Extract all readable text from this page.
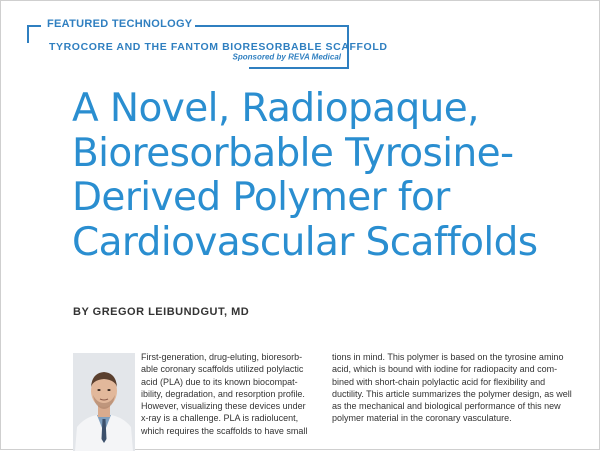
FEATURED TECHNOLOGY
TYROCORE AND THE FANTOM BIORESORBABLE SCAFFOLD
Sponsored by REVA Medical
A Novel, Radiopaque,
Bioresorbable Tyrosine-
Derived Polymer for
Cardiovascular Scaffolds
BY GREGOR LEIBUNDGUT, MD
First-generation, drug-eluting, bioresorb-
able coronary scaffolds utilized polylactic
acid (PLA) due to its known biocompat-
ibility, degradation, and resorption profile.
However, visualizing these devices under
x-ray is a challenge. PLA is radiolucent,
which requires the scaffolds to have small
tions in mind. This polymer is based on the tyrosine amino
acid, which is bound with iodine for radiopacity and com-
bined with short-chain polylactic acid for flexibility and
ductility. This article summarizes the polymer design, as well
as the mechanical and biological performance of this new
polymer material in the coronary vasculature.
